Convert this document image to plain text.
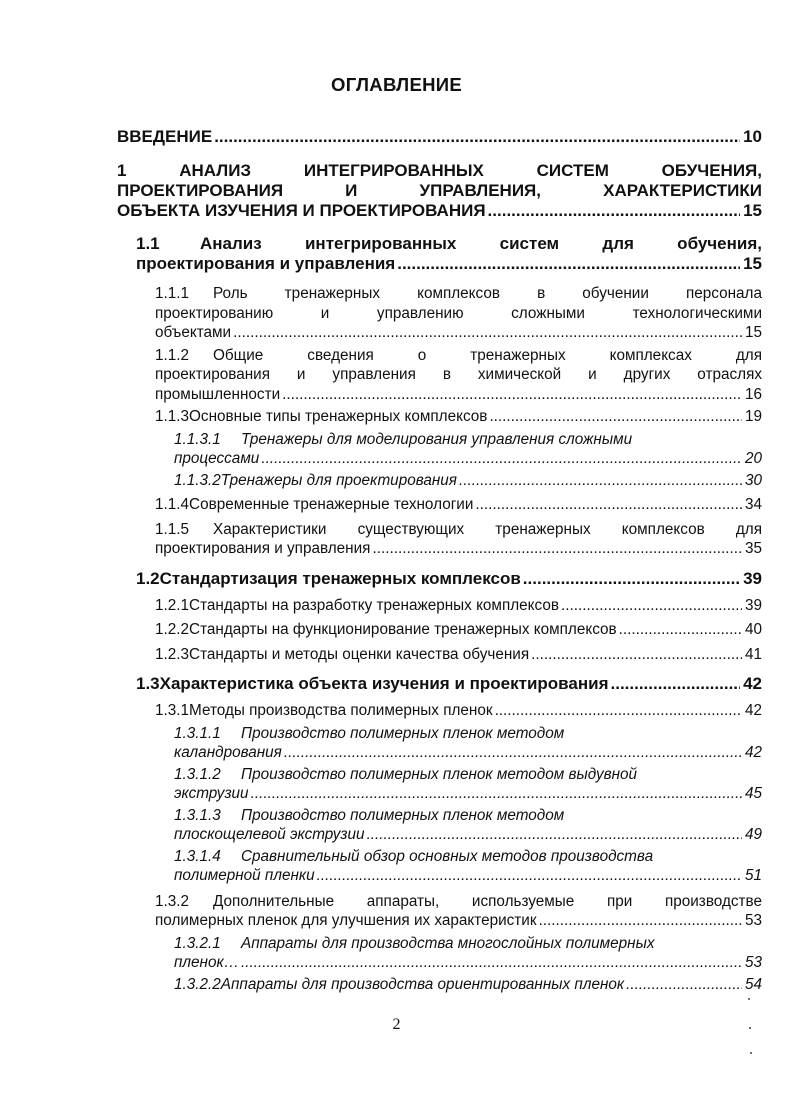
ОГЛАВЛЕНИЕ
ВВЕДЕНИЕ .....	10
1 АНАЛИЗ ИНТЕГРИРОВАННЫХ СИСТЕМ ОБУЧЕНИЯ,
ПРОЕКТИРОВАНИЯ И УПРАВЛЕНИЯ, ХАРАКТЕРИСТИКИ
ОБЪЕКТА ИЗУЧЕНИЯ И ПРОЕКТИРОВАНИЯ .....	15
1.1	Анализ интегрированных систем для обучения,
проектирования и управления .....	15
1.1.1	Роль тренажерных комплексов в обучении персонала
проектированию и управлению сложными технологическими
объектами .....	15
1.1.2	Общие сведения о тренажерных комплексах для
проектирования и управления в химической и других отраслях
промышленности .....	16
1.1.3 Основные типы тренажерных комплексов .....	19
1.1.3.1	Тренажеры для моделирования управления сложными
процессами .....	20
1.1.3.2 Тренажеры для проектирования .....	30
1.1.4 Современные тренажерные технологии .....	34
1.1.5	Характеристики существующих тренажерных комплексов для
проектирования и управления .....	35
1.2 Стандартизация тренажерных комплексов .....	39
1.2.1 Стандарты на разработку тренажерных комплексов .....	39
1.2.2 Стандарты на функционирование тренажерных комплексов .....	40
1.2.3 Стандарты и методы оценки качества обучения .....	41
1.3 Характеристика объекта изучения и проектирования .....	42
1.3.1 Методы производства полимерных пленок .....	42
1.3.1.1	Производство полимерных пленок методом
каландрования .....	42
1.3.1.2	Производство полимерных пленок методом выдувной
экструзии .....	45
1.3.1.3	Производство полимерных пленок методом
плоскощелевой экструзии .....	49
1.3.1.4	Сравнительный обзор основных методов производства
полимерной пленки .....	51
1.3.2	Дополнительные аппараты, используемые при производстве
полимерных пленок для улучшения их характеристик .....	53
1.3.2.1	Аппараты для производства многослойных полимерных
пленок… .....	53
1.3.2.2 Аппараты для производства ориентированных пленок .....	54
2
